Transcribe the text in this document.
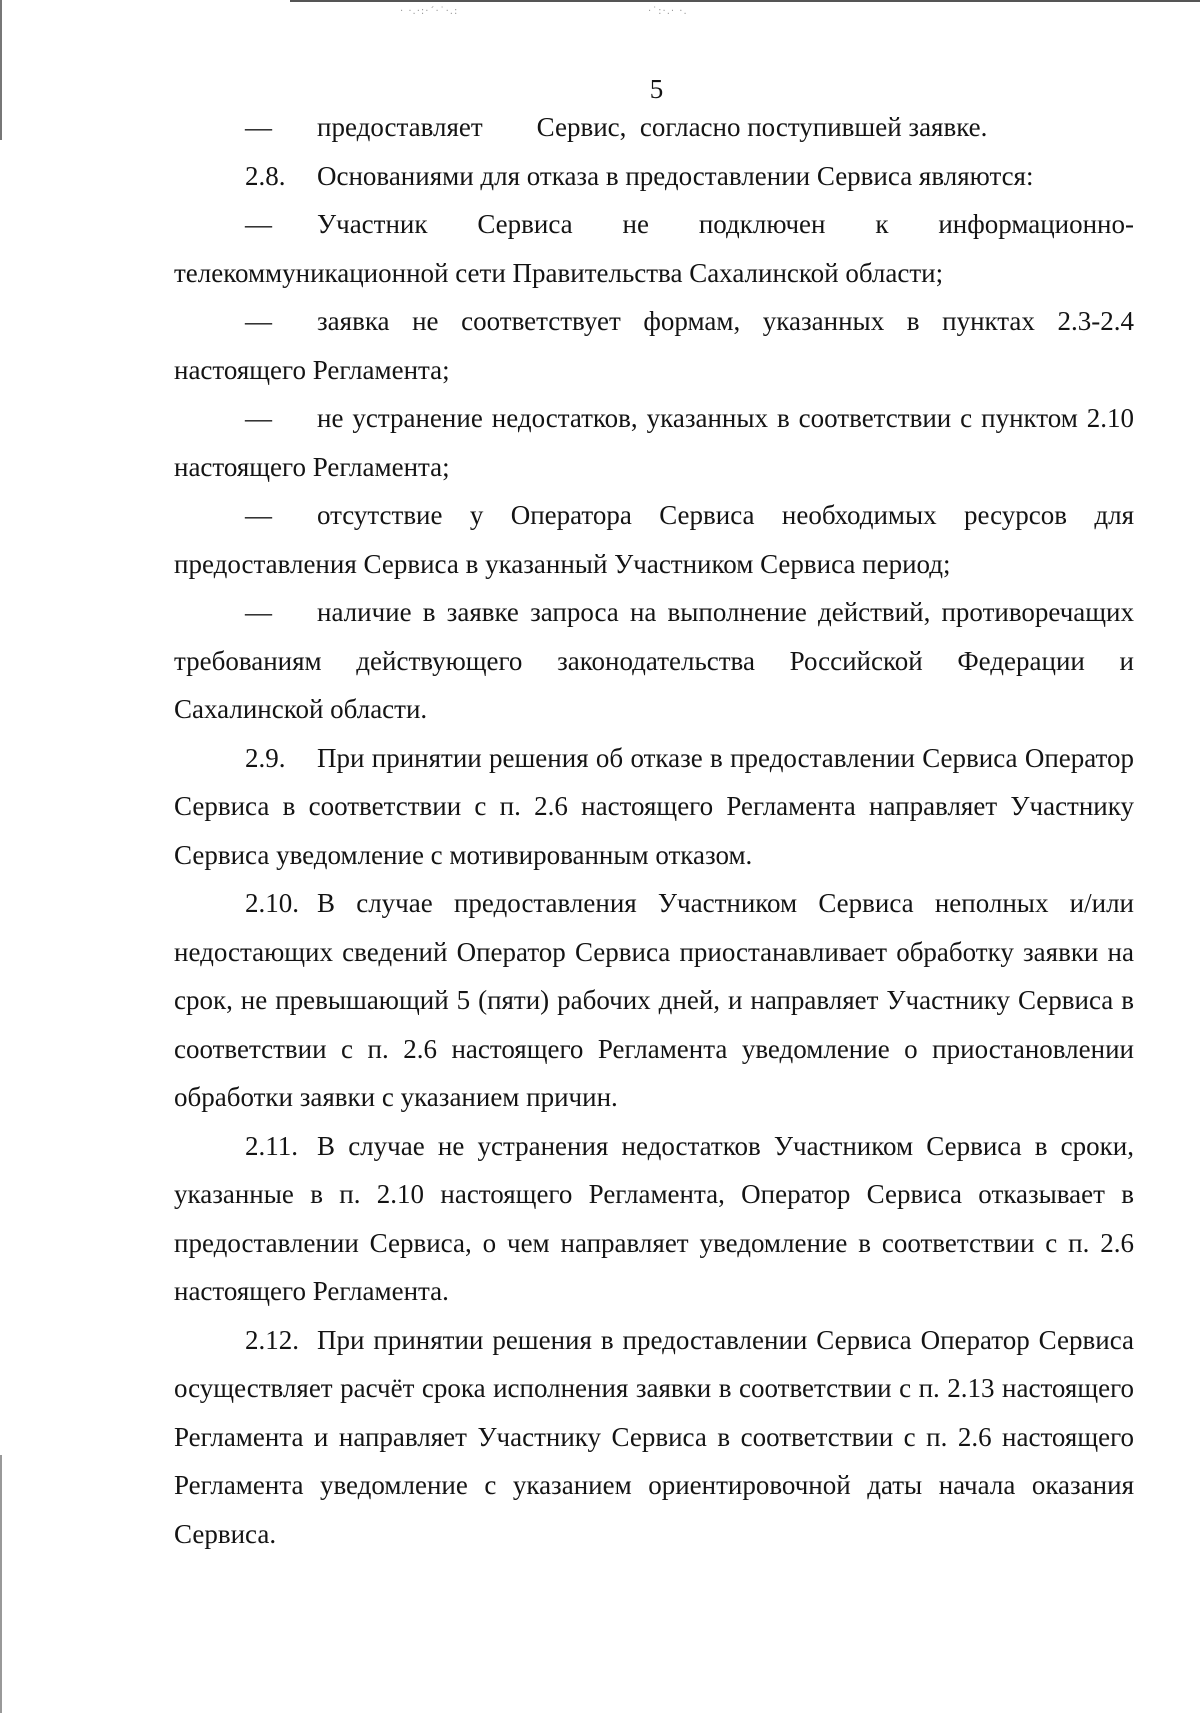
· ·.·:·´·˙·.:	·˙:·.· ·.
5

— предоставляет        Сервис,  согласно поступившей заявке.

2.8. Основаниями для отказа в предоставлении Сервиса являются:

— Участник Сервиса не подключен к информационно-телекоммуникационной сети Правительства Сахалинской области;

— заявка не соответствует формам, указанных в пунктах 2.3-2.4 настоящего Регламента;

— не устранение недостатков, указанных в соответствии с пунктом 2.10 настоящего Регламента;

— отсутствие у Оператора Сервиса необходимых ресурсов для предоставления Сервиса в указанный Участником Сервиса период;

— наличие в заявке запроса на выполнение действий, противоречащих требованиям действующего законодательства Российской Федерации и Сахалинской области.

2.9. При принятии решения об отказе в предоставлении Сервиса Оператор Сервиса в соответствии с п. 2.6 настоящего Регламента направляет Участнику Сервиса уведомление с мотивированным отказом.

2.10. В случае предоставления Участником Сервиса неполных и/или недостающих сведений Оператор Сервиса приостанавливает обработку заявки на срок, не превышающий 5 (пяти) рабочих дней, и направляет Участнику Сервиса в соответствии с п. 2.6 настоящего Регламента уведомление о приостановлении обработки заявки с указанием причин.

2.11. В случае не устранения недостатков Участником Сервиса в сроки, указанные в п. 2.10 настоящего Регламента, Оператор Сервиса отказывает в предоставлении Сервиса, о чем направляет уведомление в соответствии с п. 2.6 настоящего Регламента.

2.12. При принятии решения в предоставлении Сервиса Оператор Сервиса осуществляет расчёт срока исполнения заявки в соответствии с п. 2.13 настоящего Регламента и направляет Участнику Сервиса в соответствии с п. 2.6 настоящего Регламента уведомление с указанием ориентировочной даты начала оказания Сервиса.
